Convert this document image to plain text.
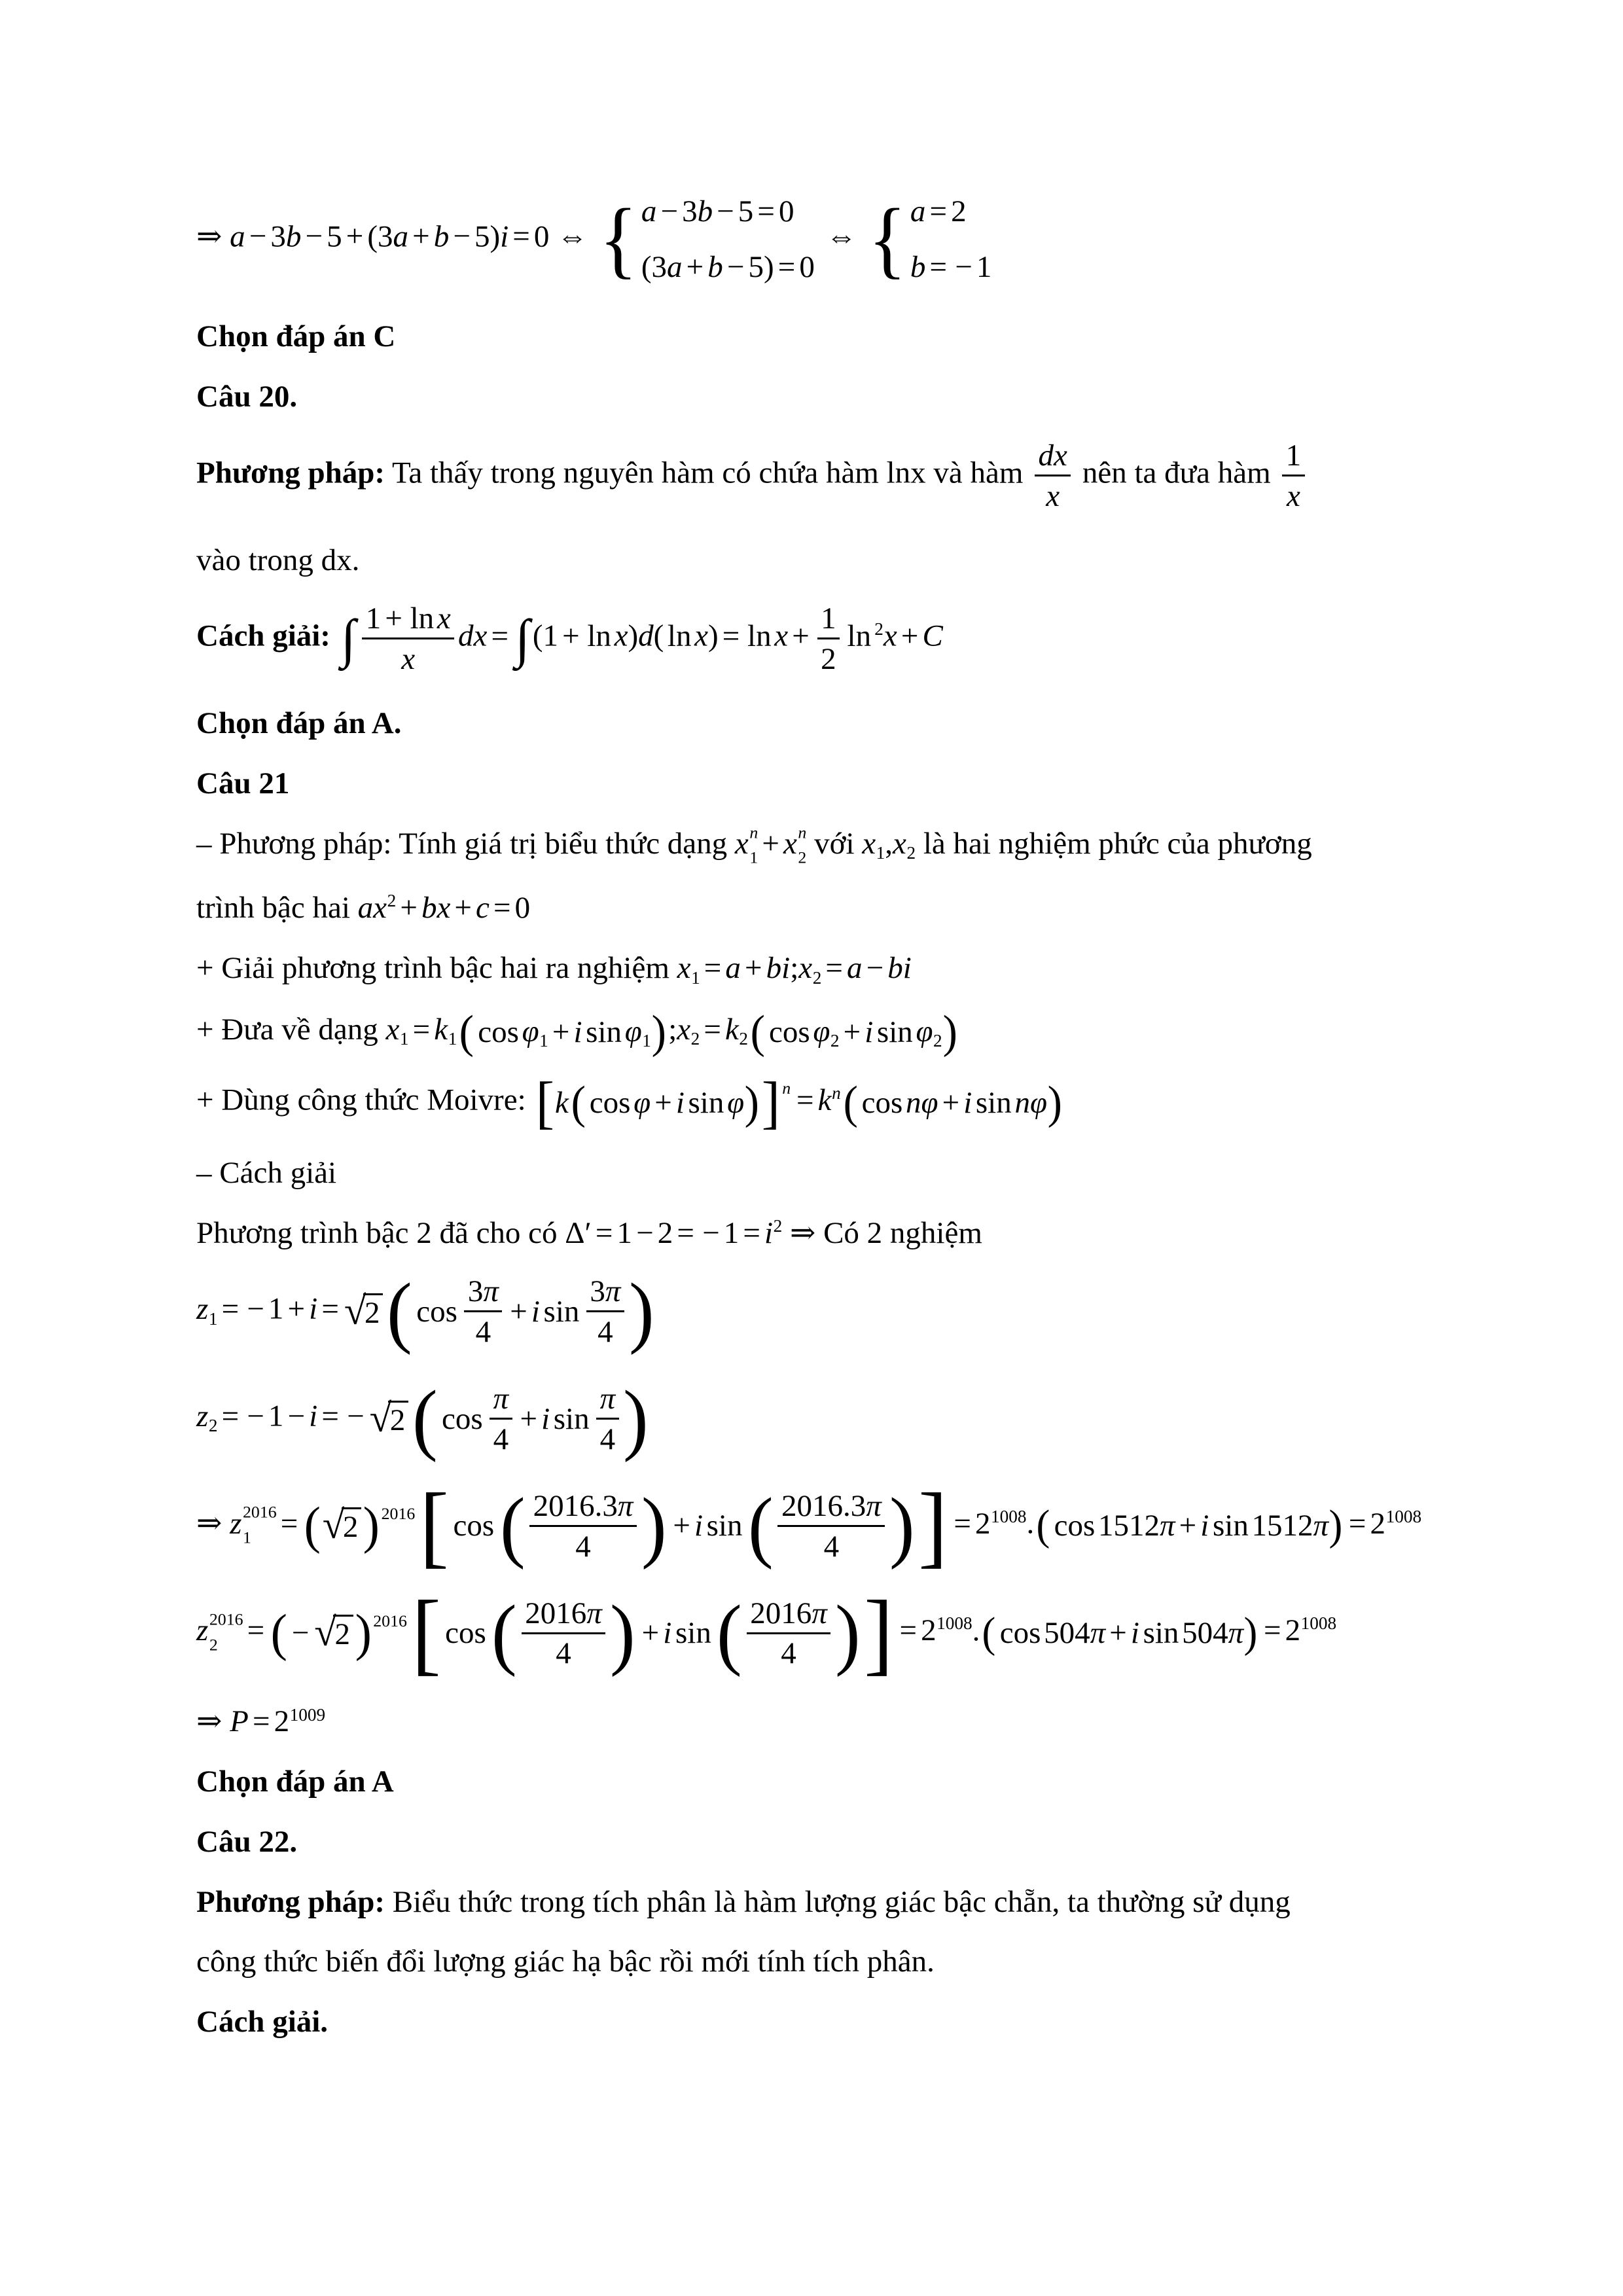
⇒ a − 3b − 5 + (3a + b − 5)i = 0 ⇔ { a − 3b − 5 = 0
(3a + b − 5) = 0
⇔ { a = 2
b = − 1
Chọn đáp án C
Câu 20.
Phương pháp: Ta thấy trong nguyên hàm có chứa hàm lnx và hàm $\frac{dx}{x}$ nên ta đưa hàm $\frac{1}{x}$
vào trong dx.
Cách giải: ∫ $\frac{\text{1 + ln x}}{x}$ dx = ∫(1 + lnx)d( $\ln x) = \ln x + \frac{1}{2}$ ln $^2$x + C
Chọn đáp án A.
Câu 21
– Phương pháp: Tính giá trị biểu thức dạng x n
1 + x n
2 với x1,x2 là hai nghiệm phức của phương
trình bậc hai $ax^2$ + bx + c = 0
+ Giải phương trình bậc hai ra nghiệm x1 = a + bi;x2 = a − bi
+ Đưa về dạng x1 = k1 ( cos φ1 + i sin φ1 ) ;x2 = k2 ( cos φ2 + i sin φ2 )
+ Dùng công thức Moivre: [ k ( cos φ + i sin φ ) ] $n = k^n$ ( cos nφ + i sin nφ )
– Cách giải
Phương trình bậc 2 đã cho có Δ′ = 1 − 2 = − $1 = i^2$ ⇒ Có 2 nghiệm
z1 = − 1 + i = √
2 ( $\cos \frac{3\pi}{4} + i$ $\sin \frac{3\pi}{4}$ )
z2 = − 1 − i = − √
2 ( $\cos \frac{\pi}{4} + i$ $\sin \frac{\pi}{4}$ )
⇒ z 2016
1 = ( √
2 ) 2016 [ cos ( $\frac{2016.3\pi}{4}$ ) + i sin ( $\frac{2016.3\pi}{4}$ ) ] = $2^{1008}$. ( cos 1512π + i sin 1512π ) = $2^{1008}$
z 2016
2 = ( − √
2 ) 2016 [ cos ( $\frac{2016\pi}{4}$ ) + i sin ( $\frac{2016\pi}{4}$ ) ] = $2^{1008}$. ( cos 504π + i sin 504π ) = $2^{1008}$
⇒ $P = 2^{1009}$
Chọn đáp án A
Câu 22.
Phương pháp: Biểu thức trong tích phân là hàm lượng giác bậc chẵn, ta thường sử dụng
công thức biến đổi lượng giác hạ bậc rồi mới tính tích phân.
Cách giải.
